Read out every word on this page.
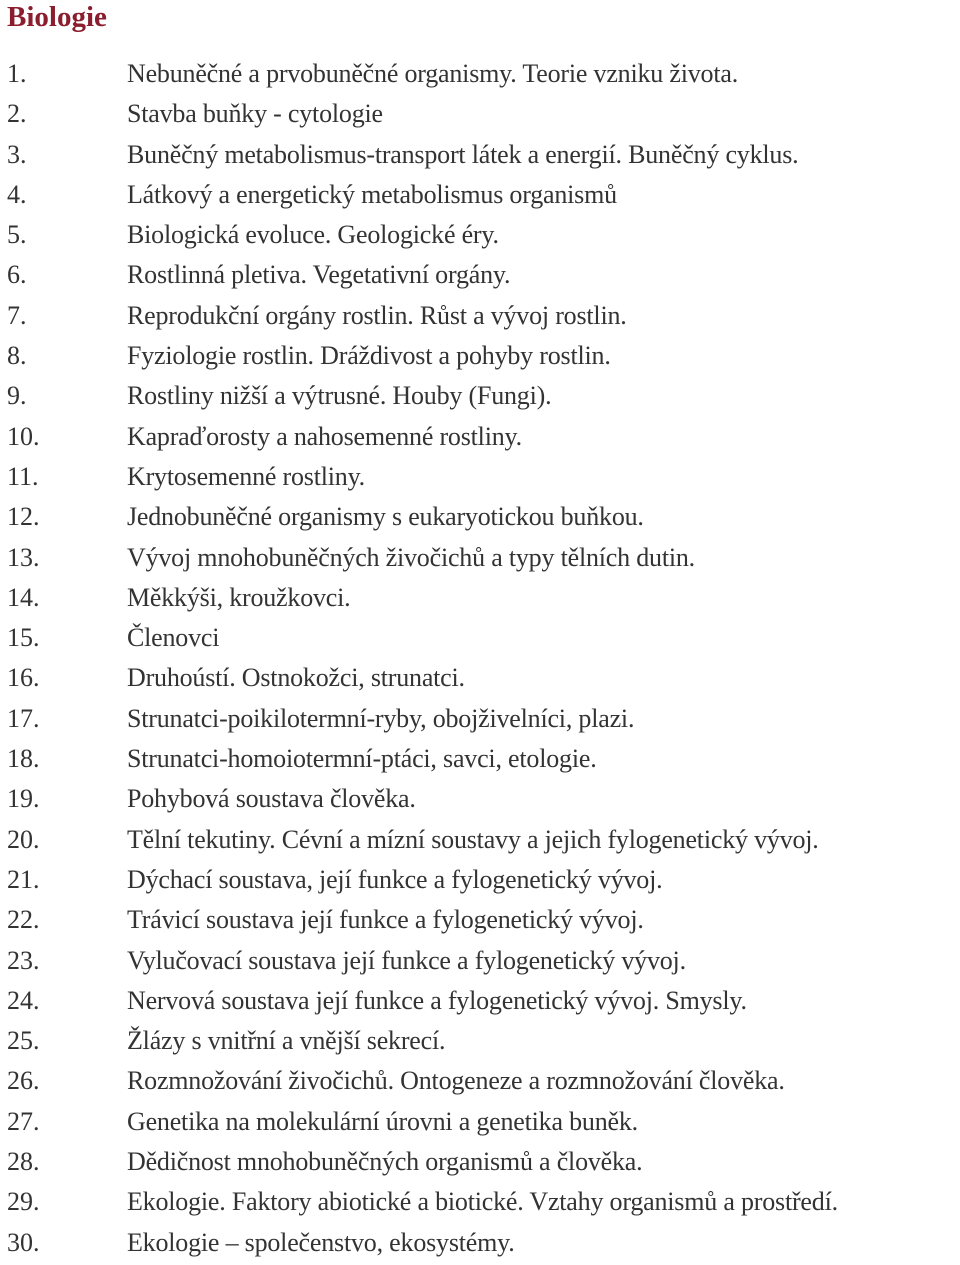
Biologie
1.	Nebuněčné a prvobuněčné organismy. Teorie vzniku života.
2.	Stavba buňky - cytologie
3.	Buněčný metabolismus-transport látek a energií. Buněčný cyklus.
4.	Látkový a energetický metabolismus organismů
5.	Biologická evoluce. Geologické éry.
6.	Rostlinná pletiva. Vegetativní orgány.
7.	Reprodukční orgány rostlin. Růst a vývoj rostlin.
8.	Fyziologie rostlin. Dráždivost a pohyby rostlin.
9.	Rostliny nižší a výtrusné. Houby (Fungi).
10.	Kapraďorosty a nahosemenné rostliny.
11.	Krytosemenné rostliny.
12.	Jednobuněčné organismy s eukaryotickou buňkou.
13.	Vývoj mnohobuněčných živočichů a typy tělních dutin.
14.	Měkkýši, kroužkovci.
15.	Členovci
16.	Druhoústí. Ostnokožci, strunatci.
17.	Strunatci-poikilotermní-ryby, obojživelníci, plazi.
18.	Strunatci-homoiotermní-ptáci, savci, etologie.
19.	Pohybová soustava člověka.
20.	Tělní tekutiny. Cévní a mízní soustavy a jejich fylogenetický vývoj.
21.	Dýchací soustava, její funkce a fylogenetický vývoj.
22.	Trávicí soustava její funkce a fylogenetický vývoj.
23.	Vylučovací soustava její funkce a fylogenetický vývoj.
24.	Nervová soustava její funkce a fylogenetický vývoj. Smysly.
25.	Žlázy s vnitřní a vnější sekrecí.
26.	Rozmnožování živočichů. Ontogeneze a rozmnožování člověka.
27.	Genetika na molekulární úrovni a genetika buněk.
28.	Dědičnost mnohobuněčných organismů a člověka.
29.	Ekologie. Faktory abiotické a biotické. Vztahy organismů a prostředí.
30.	Ekologie – společenstvo, ekosystémy.
